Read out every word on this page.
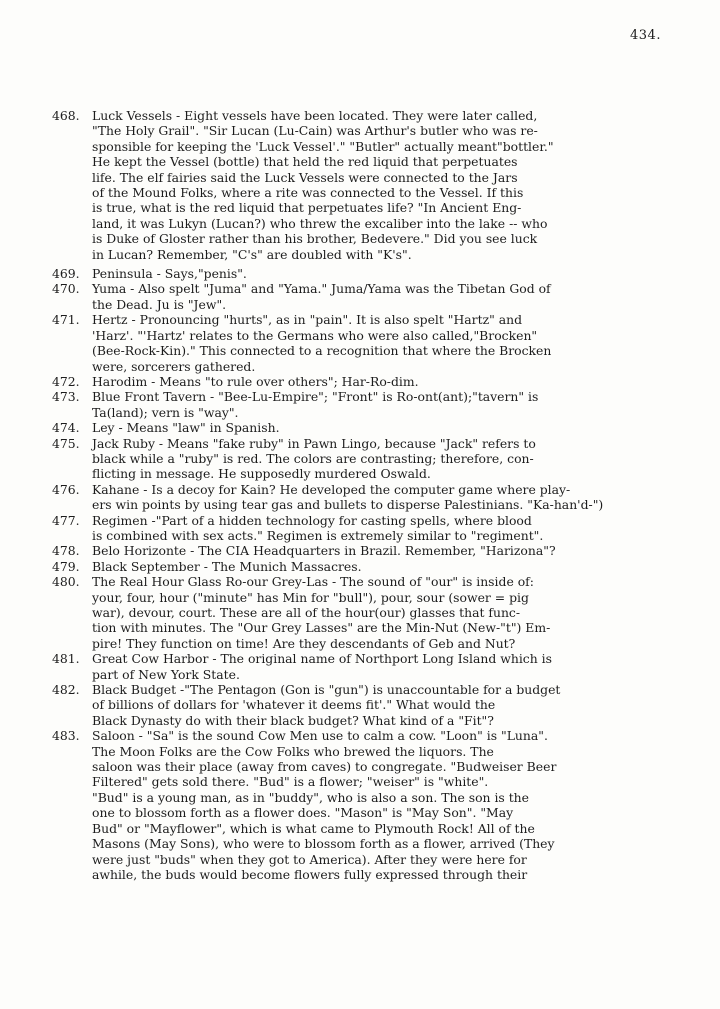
434.
468. Luck Vessels - Eight vessels have been located. They were later called,
"The Holy Grail". "Sir Lucan (Lu-Cain) was Arthur's butler who was re-
sponsible for keeping the 'Luck Vessel'." "Butler" actually meant"bottler."
He kept the Vessel (bottle) that held the red liquid that perpetuates
life. The elf fairies said the Luck Vessels were connected to the Jars
of the Mound Folks, where a rite was connected to the Vessel. If this
is true, what is the red liquid that perpetuates life? "In Ancient Eng-
land, it was Lukyn (Lucan?) who threw the excaliber into the lake -- who
is Duke of Gloster rather than his brother, Bedevere." Did you see luck
in Lucan? Remember, "C's" are doubled with "K's".
469. Peninsula - Says,"penis".
470. Yuma - Also spelt "Juma" and "Yama." Juma/Yama was the Tibetan God of
the Dead. Ju is "Jew".
471. Hertz - Pronouncing "hurts", as in "pain". It is also spelt "Hartz" and
'Harz'. "'Hartz' relates to the Germans who were also called,"Brocken"
(Bee-Rock-Kin)." This connected to a recognition that where the Brocken
were, sorcerers gathered.
472. Harodim - Means "to rule over others"; Har-Ro-dim.
473. Blue Front Tavern - "Bee-Lu-Empire"; "Front" is Ro-ont(ant);"tavern" is
Ta(land); vern is "way".
474. Ley - Means "law" in Spanish.
475. Jack Ruby - Means "fake ruby" in Pawn Lingo, because "Jack" refers to
black while a "ruby" is red. The colors are contrasting; therefore, con-
flicting in message. He supposedly murdered Oswald.
476. Kahane - Is a decoy for Kain? He developed the computer game where play-
ers win points by using tear gas and bullets to disperse Palestinians. "Ka-han'd-")
477. Regimen -"Part of a hidden technology for casting spells, where blood
is combined with sex acts." Regimen is extremely similar to "regiment".
478. Belo Horizonte - The CIA Headquarters in Brazil. Remember, "Harizona"?
479. Black September - The Munich Massacres.
480. The Real Hour Glass Ro-our Grey-Las - The sound of "our" is inside of:
your, four, hour ("minute" has Min for "bull"), pour, sour (sower = pig
war), devour, court. These are all of the hour(our) glasses that func-
tion with minutes. The "Our Grey Lasses" are the Min-Nut (New-"t") Em-
pire! They function on time! Are they descendants of Geb and Nut?
481. Great Cow Harbor - The original name of Northport Long Island which is
part of New York State.
482. Black Budget -"The Pentagon (Gon is "gun") is unaccountable for a budget
of billions of dollars for 'whatever it deems fit'." What would the
Black Dynasty do with their black budget? What kind of a "Fit"?
483. Saloon - "Sa" is the sound Cow Men use to calm a cow. "Loon" is "Luna".
The Moon Folks are the Cow Folks who brewed the liquors. The
saloon was their place (away from caves) to congregate. "Budweiser Beer
Filtered" gets sold there. "Bud" is a flower; "weiser" is "white".
"Bud" is a young man, as in "buddy", who is also a son. The son is the
one to blossom forth as a flower does. "Mason" is "May Son". "May
Bud" or "Mayflower", which is what came to Plymouth Rock! All of the
Masons (May Sons), who were to blossom forth as a flower, arrived (They
were just "buds" when they got to America). After they were here for
awhile, the buds would become flowers fully expressed through their
